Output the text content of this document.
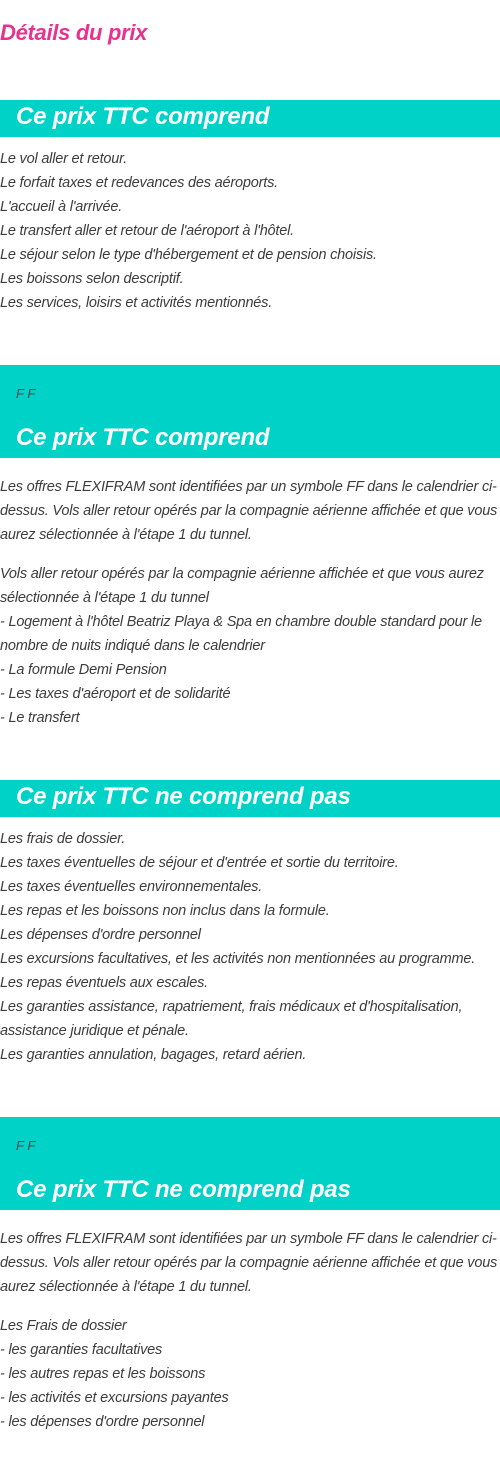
Détails du prix
Ce prix TTC comprend
Le vol aller et retour.
Le forfait taxes et redevances des aéroports.
L'accueil à l'arrivée.
Le transfert aller et retour de l'aéroport à l'hôtel.
Le séjour selon le type d'hébergement et de pension choisis.
Les boissons selon descriptif.
Les services, loisirs et activités mentionnés.
F F
Ce prix TTC comprend

Les offres FLEXIFRAM sont identifiées par un symbole FF dans le calendrier ci-dessus. Vols aller retour opérés par la compagnie aérienne affichée et que vous aurez sélectionnée à l'étape 1 du tunnel.

Vols aller retour opérés par la compagnie aérienne affichée et que vous aurez sélectionnée à l'étape 1 du tunnel
- Logement à l'hôtel Beatriz Playa & Spa en chambre double standard pour le nombre de nuits indiqué dans le calendrier
- La formule Demi Pension
- Les taxes d'aéroport et de solidarité
- Le transfert
Ce prix TTC ne comprend pas
Les frais de dossier.
Les taxes éventuelles de séjour et d'entrée et sortie du territoire.
Les taxes éventuelles environnementales.
Les repas et les boissons non inclus dans la formule.
Les dépenses d'ordre personnel
Les excursions facultatives, et les activités non mentionnées au programme.
Les repas éventuels aux escales.
Les garanties assistance, rapatriement, frais médicaux et d'hospitalisation, assistance juridique et pénale.
Les garanties annulation, bagages, retard aérien.
F F
Ce prix TTC ne comprend pas

Les offres FLEXIFRAM sont identifiées par un symbole FF dans le calendrier ci-dessus. Vols aller retour opérés par la compagnie aérienne affichée et que vous aurez sélectionnée à l'étape 1 du tunnel.

Les Frais de dossier
- les garanties facultatives
- les autres repas et les boissons
- les activités et excursions payantes
- les dépenses d'ordre personnel
